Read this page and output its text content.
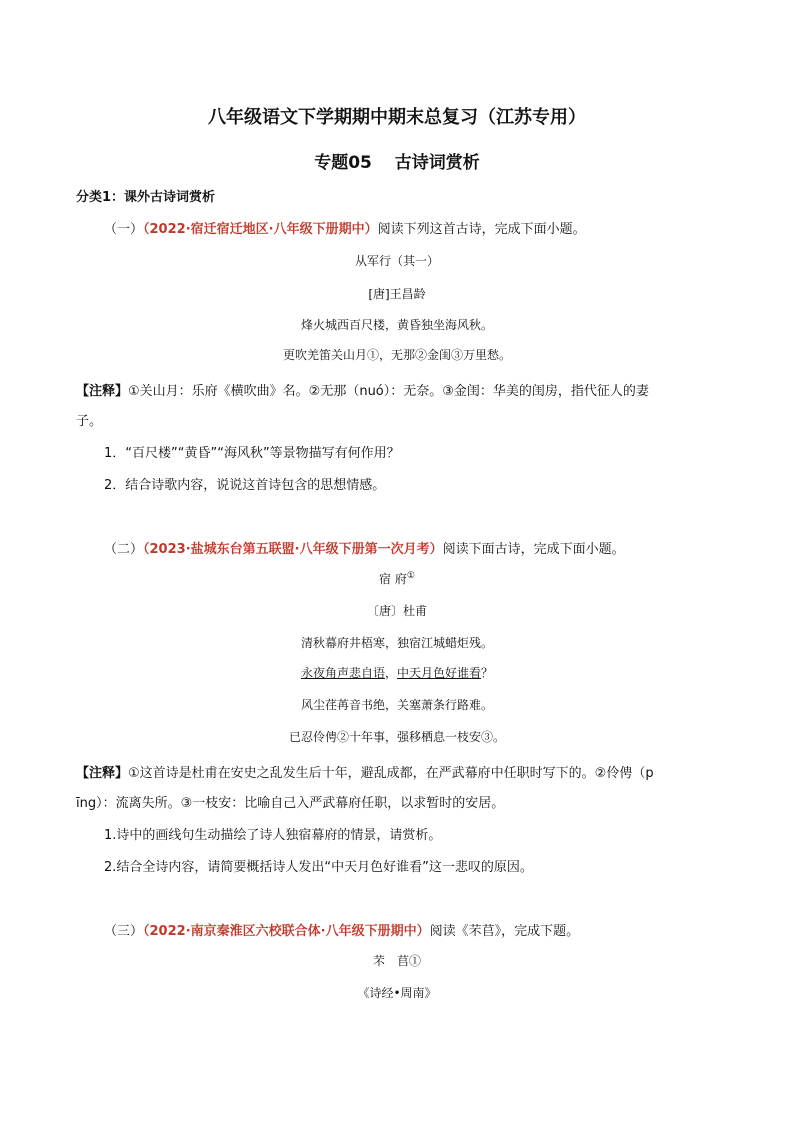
八年级语文下学期期中期末总复习（江苏专用）
专题05　 古诗词赏析
分类1：课外古诗词赏析
（一）（2022·宿迁宿迁地区·八年级下册期中）阅读下列这首古诗，完成下面小题。
从军行（其一）
[唐]王昌龄
烽火城西百尺楼，黄昏独坐海风秋。
更吹羌笛关山月①，无那②金闺③万里愁。
【注释】①关山月：乐府《横吹曲》名。②无那（nuó）：无奈。③金闺：华美的闺房，指代征人的妻
子。
1．“百尺楼”“黄昏”“海风秋”等景物描写有何作用？
2．结合诗歌内容，说说这首诗包含的思想情感。
（二）（2023·盐城东台第五联盟·八年级下册第一次月考）阅读下面古诗，完成下面小题。
宿 府①
〔唐〕杜甫
清秋幕府井梧寒，独宿江城蜡炬残。
永夜角声悲自语，中天月色好谁看？
风尘荏苒音书绝，关塞萧条行路难。
已忍伶俜②十年事，强移栖息一枝安③。
【注释】①这首诗是杜甫在安史之乱发生后十年，避乱成都，在严武幕府中任职时写下的。②伶俜（p
īng）：流离失所。③一枝安：比喻自己入严武幕府任职，以求暂时的安居。
1.诗中的画线句生动描绘了诗人独宿幕府的情景，请赏析。
2.结合全诗内容，请简要概括诗人发出“中天月色好谁看”这一悲叹的原因。
（三）（2022·南京秦淮区六校联合体·八年级下册期中）阅读《芣苢》，完成下题。
芣　苢①
《诗经•周南》
